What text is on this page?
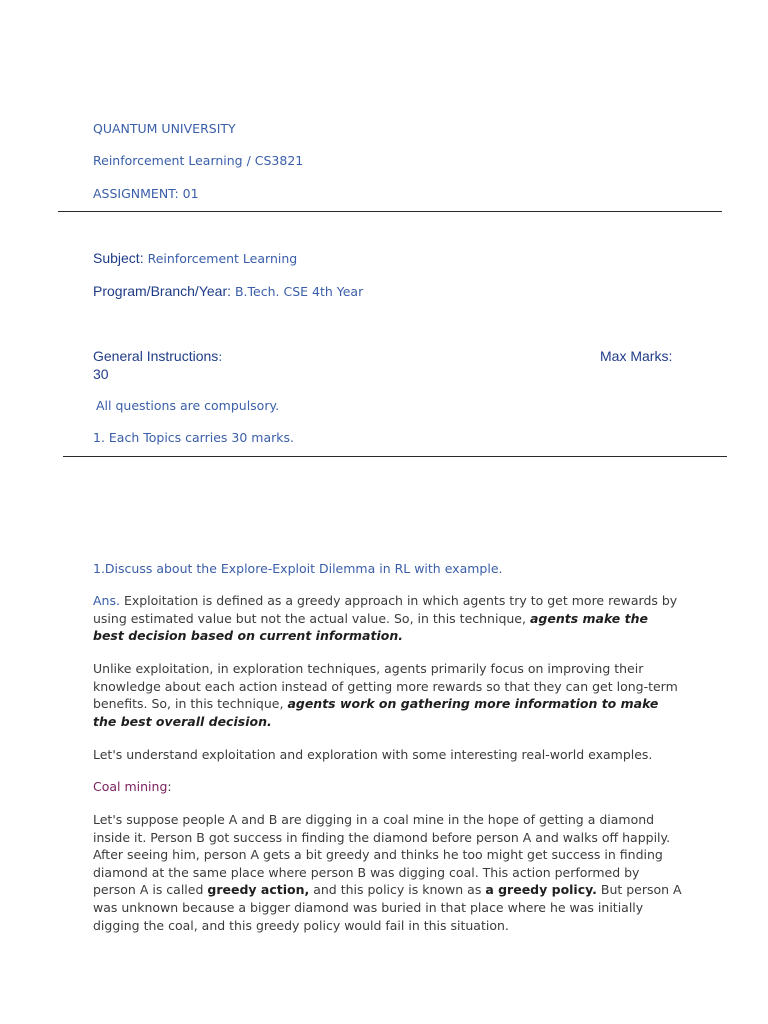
QUANTUM UNIVERSITY
Reinforcement Learning / CS3821
ASSIGNMENT: 01
Subject: Reinforcement Learning
Program/Branch/Year: B.Tech. CSE 4th Year
General Instructions:	Max Marks:
30
All questions are compulsory.
1. Each Topics carries 30 marks.
1.Discuss about the Explore-Exploit Dilemma in RL with example.
Ans. Exploitation is defined as a greedy approach in which agents try to get more rewards by using estimated value but not the actual value. So, in this technique, agents make the best decision based on current information.
Unlike exploitation, in exploration techniques, agents primarily focus on improving their knowledge about each action instead of getting more rewards so that they can get long-term benefits. So, in this technique, agents work on gathering more information to make the best overall decision.
Let's understand exploitation and exploration with some interesting real-world examples.
Coal mining:
Let's suppose people A and B are digging in a coal mine in the hope of getting a diamond inside it. Person B got success in finding the diamond before person A and walks off happily. After seeing him, person A gets a bit greedy and thinks he too might get success in finding diamond at the same place where person B was digging coal. This action performed by person A is called greedy action, and this policy is known as a greedy policy. But person A was unknown because a bigger diamond was buried in that place where he was initially digging the coal, and this greedy policy would fail in this situation.
